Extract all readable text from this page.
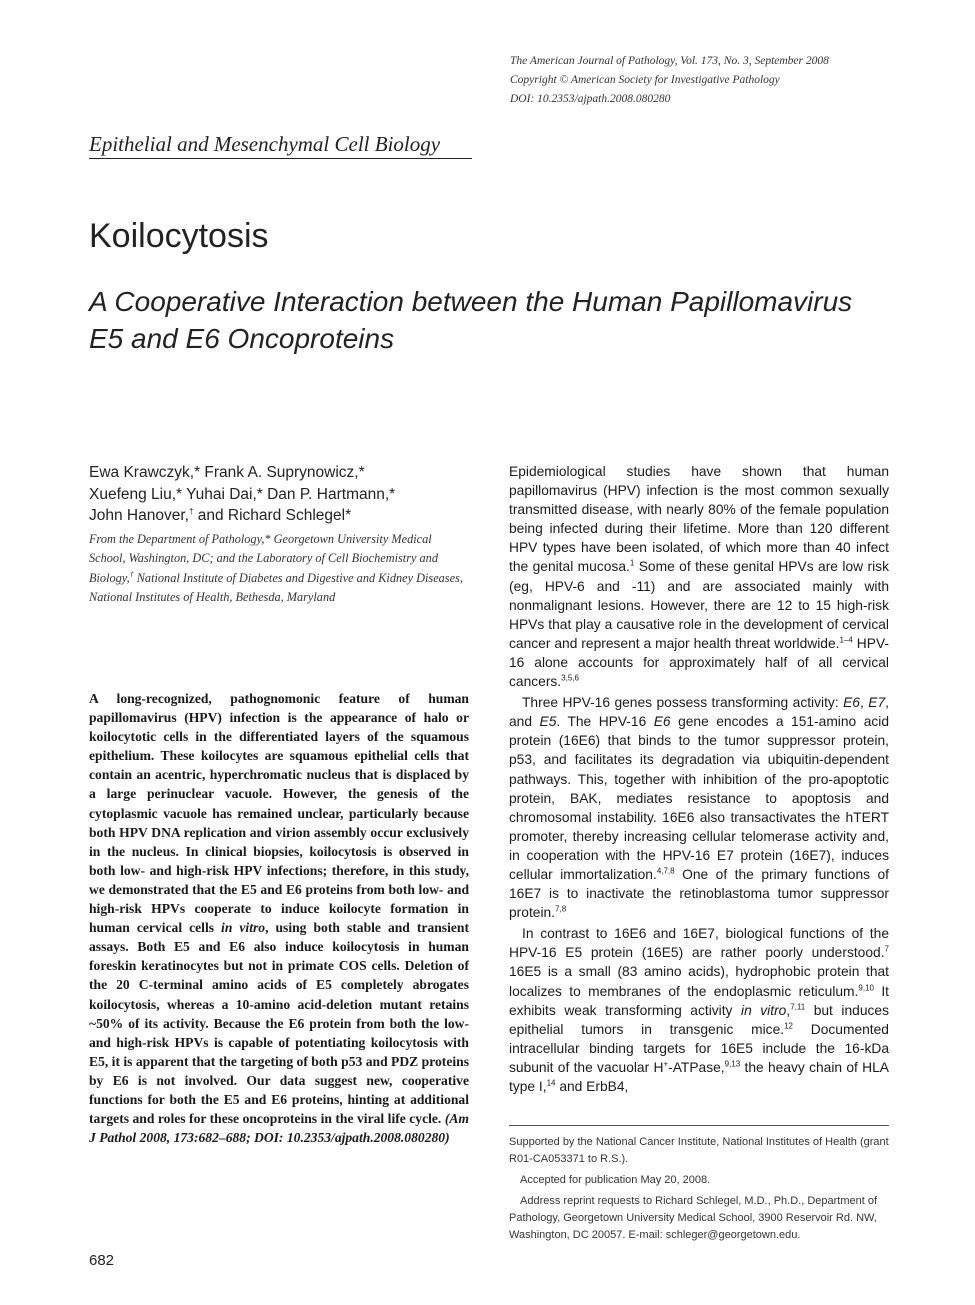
The American Journal of Pathology, Vol. 173, No. 3, September 2008
Copyright © American Society for Investigative Pathology
DOI: 10.2353/ajpath.2008.080280
Epithelial and Mesenchymal Cell Biology
Koilocytosis
A Cooperative Interaction between the Human Papillomavirus
E5 and E6 Oncoproteins
Ewa Krawczyk,* Frank A. Suprynowicz,*
Xuefeng Liu,* Yuhai Dai,* Dan P. Hartmann,*
John Hanover,† and Richard Schlegel*
From the Department of Pathology,* Georgetown University Medical School, Washington, DC; and the Laboratory of Cell Biochemistry and Biology,† National Institute of Diabetes and Digestive and Kidney Diseases, National Institutes of Health, Bethesda, Maryland
A long-recognized, pathognomonic feature of human papillomavirus (HPV) infection is the appearance of halo or koilocytotic cells in the differentiated layers of the squamous epithelium. These koilocytes are squamous epithelial cells that contain an acentric, hyperchromatic nucleus that is displaced by a large perinuclear vacuole. However, the genesis of the cytoplasmic vacuole has remained unclear, particularly because both HPV DNA replication and virion assembly occur exclusively in the nucleus. In clinical biopsies, koilocytosis is observed in both low- and high-risk HPV infections; therefore, in this study, we demonstrated that the E5 and E6 proteins from both low- and high-risk HPVs cooperate to induce koilocyte formation in human cervical cells in vitro, using both stable and transient assays. Both E5 and E6 also induce koilocytosis in human foreskin keratinocytes but not in primate COS cells. Deletion of the 20 C-terminal amino acids of E5 completely abrogates koilocytosis, whereas a 10-amino acid-deletion mutant retains ~50% of its activity. Because the E6 protein from both the low- and high-risk HPVs is capable of potentiating koilocytosis with E5, it is apparent that the targeting of both p53 and PDZ proteins by E6 is not involved. Our data suggest new, cooperative functions for both the E5 and E6 proteins, hinting at additional targets and roles for these oncoproteins in the viral life cycle. (Am J Pathol 2008, 173:682–688; DOI: 10.2353/ajpath.2008.080280)
682

Epidemiological studies have shown that human papillomavirus (HPV) infection is the most common sexually transmitted disease, with nearly 80% of the female population being infected during their lifetime. More than 120 different HPV types have been isolated, of which more than 40 infect the genital mucosa.$^1$ Some of these genital HPVs are low risk (eg, HPV-6 and -11) and are associated mainly with nonmalignant lesions. However, there are 12 to 15 high-risk HPVs that play a causative role in the development of cervical cancer and represent a major health threat worldwide.$^{1-4}$ HPV-16 alone accounts for approximately half of all cervical cancers.$^{3,5,6}$

Three HPV-16 genes possess transforming activity: E6, E7, and E5. The HPV-16 E6 gene encodes a 151-amino acid protein (16E6) that binds to the tumor suppressor protein, p53, and facilitates its degradation via ubiquitin-dependent pathways. This, together with inhibition of the pro-apoptotic protein, BAK, mediates resistance to apoptosis and chromosomal instability. 16E6 also transactivates the hTERT promoter, thereby increasing cellular telomerase activity and, in cooperation with the HPV-16 E7 protein (16E7), induces cellular immortalization.$^{4,7,8}$ One of the primary functions of 16E7 is to inactivate the retinoblastoma tumor suppressor protein.$^{7,8}$

In contrast to 16E6 and 16E7, biological functions of the HPV-16 E5 protein (16E5) are rather poorly understood.$^7$ 16E5 is a small (83 amino acids), hydrophobic protein that localizes to membranes of the endoplasmic reticulum.$^{9,10}$ It exhibits weak transforming activity in vitro,$^{7,11}$ but induces epithelial tumors in transgenic mice.$^{12}$ Documented intracellular binding targets for 16E5 include the 16-kDa subunit of the vacuolar H+-ATPase,$^{9,13}$ the heavy chain of HLA type I,$^{14}$ and ErbB4,

Supported by the National Cancer Institute, National Institutes of Health (grant R01-CA053371 to R.S.).

Accepted for publication May 20, 2008.

Address reprint requests to Richard Schlegel, M.D., Ph.D., Department of Pathology, Georgetown University Medical School, 3900 Reservoir Rd. NW, Washington, DC 20057. E-mail: schleger@georgetown.edu.
